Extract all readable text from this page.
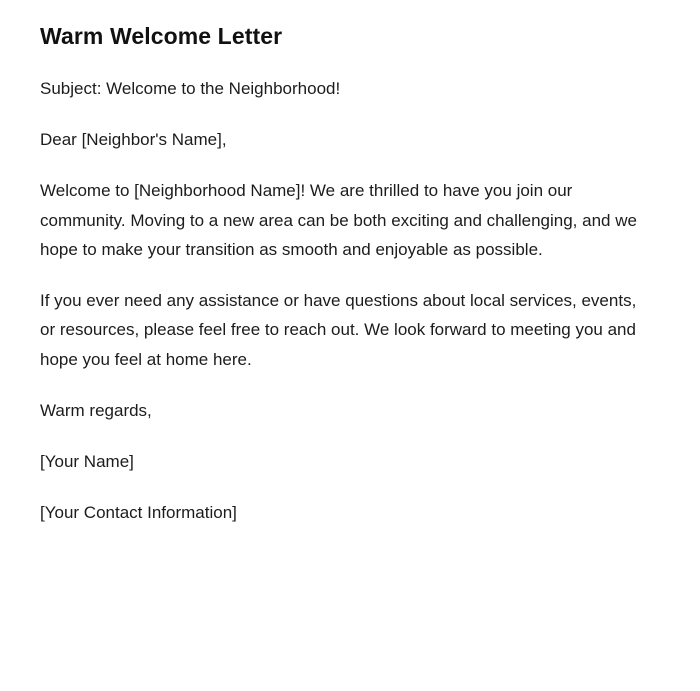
Warm Welcome Letter

Subject: Welcome to the Neighborhood!

Dear [Neighbor's Name],

Welcome to [Neighborhood Name]! We are thrilled to have you join our community. Moving to a new area can be both exciting and challenging, and we hope to make your transition as smooth and enjoyable as possible.

If you ever need any assistance or have questions about local services, events, or resources, please feel free to reach out. We look forward to meeting you and hope you feel at home here.

Warm regards,

[Your Name]

[Your Contact Information]
